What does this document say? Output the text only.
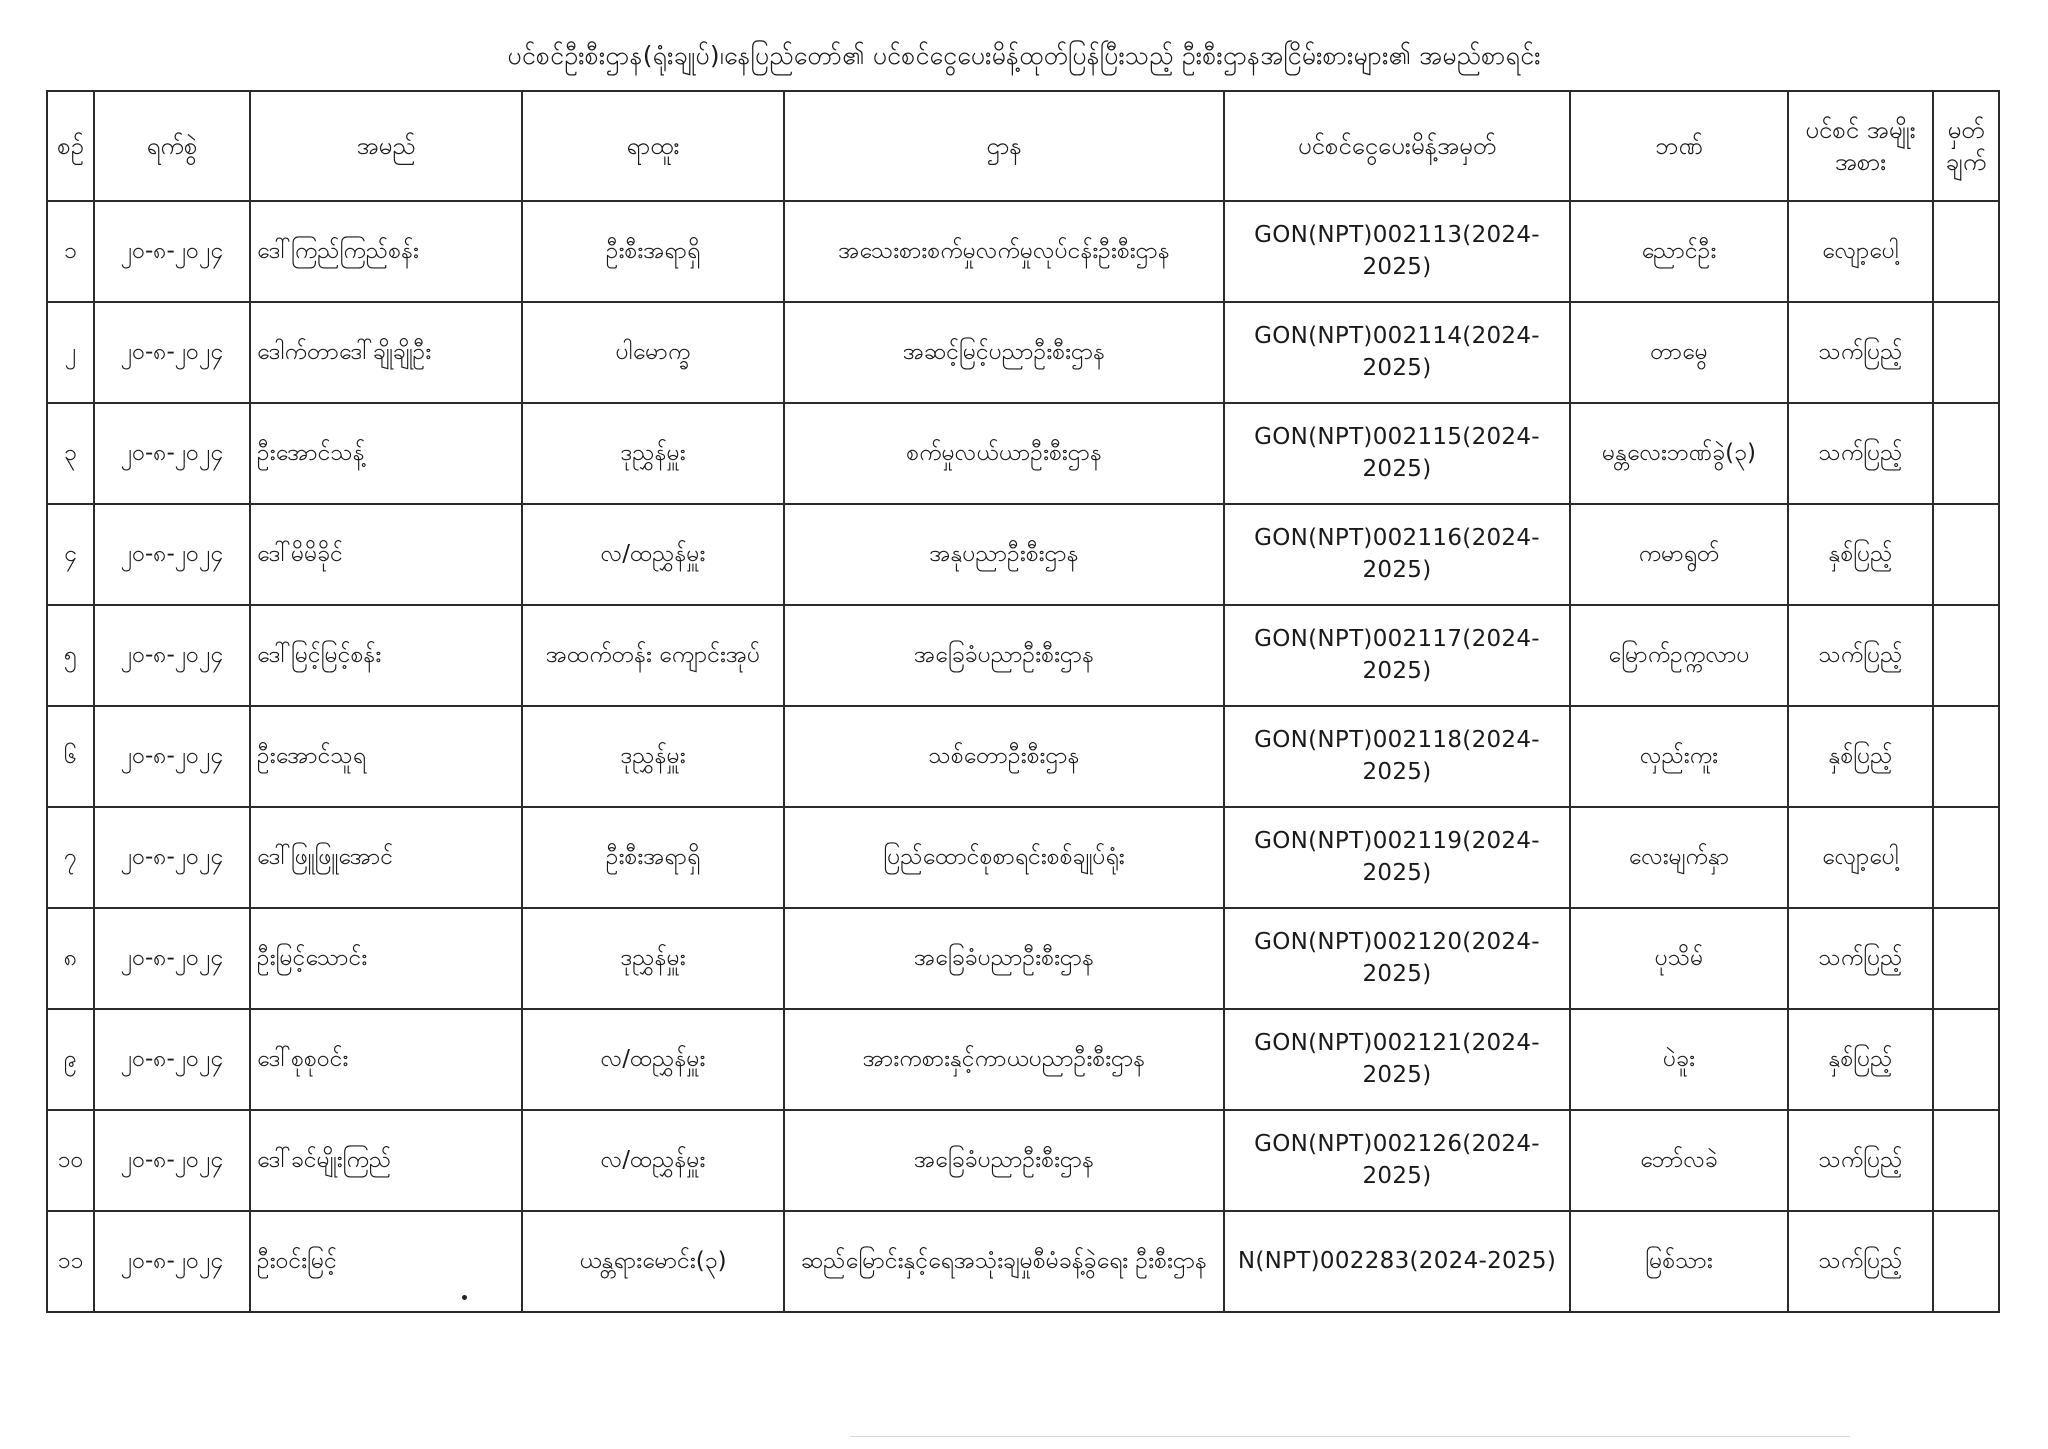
ပင်စင်ဦးစီးဌာန(ရုံးချုပ်)၊နေပြည်တော်၏ ပင်စင်ငွေပေးမိန့်ထုတ်ပြန်ပြီးသည့် ဦးစီးဌာနအငြိမ်းစားများ၏ အမည်စာရင်း
စဉ်	ရက်စွဲ	အမည်	ရာထူး	ဌာန	ပင်စင်ငွေပေးမိန့်အမှတ်	ဘဏ်	ပင်စင် အမျိုးအစား	မှတ် ချက်
၁	၂၀-၈-၂၀၂၄	ဒေါ်ကြည်ကြည်စန်း	ဦးစီးအရာရှိ	အသေးစားစက်မှုလက်မှုလုပ်ငန်းဦးစီးဌာန	GON(NPT)002113(2024-2025)	ညောင်ဦး	လျော့ပေါ့	
၂	၂၀-၈-၂၀၂၄	ဒေါက်တာဒေါ်ချိုချိုဦး	ပါမောက္ခ	အဆင့်မြင့်ပညာဦးစီးဌာန	GON(NPT)002114(2024-2025)	တာမွေ	သက်ပြည့်	
၃	၂၀-၈-၂၀၂၄	ဦးအောင်သန့်	ဒုညွှန်မှူး	စက်မှုလယ်ယာဦးစီးဌာန	GON(NPT)002115(2024-2025)	မန္တလေးဘဏ်ခွဲ(၃)	သက်ပြည့်	
၄	၂၀-၈-၂၀၂၄	ဒေါ်မိမိခိုင်	လ/ထညွှန်မှူး	အနုပညာဦးစီးဌာန	GON(NPT)002116(2024-2025)	ကမာရွတ်	နှစ်ပြည့်	
၅	၂၀-၈-၂၀၂၄	ဒေါ်မြင့်မြင့်စန်း	အထက်တန်း ကျောင်းအုပ်	အခြေခံပညာဦးစီးဌာန	GON(NPT)002117(2024-2025)	မြောက်ဥက္ကလာပ	သက်ပြည့်	
၆	၂၀-၈-၂၀၂၄	ဦးအောင်သူရ	ဒုညွှန်မှူး	သစ်တောဦးစီးဌာန	GON(NPT)002118(2024-2025)	လှည်းကူး	နှစ်ပြည့်	
၇	၂၀-၈-၂၀၂၄	ဒေါ်ဖြူဖြူအောင်	ဦးစီးအရာရှိ	ပြည်ထောင်စုစာရင်းစစ်ချုပ်ရုံး	GON(NPT)002119(2024-2025)	လေးမျက်နှာ	လျော့ပေါ့	
၈	၂၀-၈-၂၀၂၄	ဦးမြင့်သောင်း	ဒုညွှန်မှူး	အခြေခံပညာဦးစီးဌာန	GON(NPT)002120(2024-2025)	ပုသိမ်	သက်ပြည့်	
၉	၂၀-၈-၂၀၂၄	ဒေါ်စုစုဝင်း	လ/ထညွှန်မှူး	အားကစားနှင့်ကာယပညာဦးစီးဌာန	GON(NPT)002121(2024-2025)	ပဲခူး	နှစ်ပြည့်	
၁၀	၂၀-၈-၂၀၂၄	ဒေါ်ခင်မျိုးကြည်	လ/ထညွှန်မှူး	အခြေခံပညာဦးစီးဌာန	GON(NPT)002126(2024-2025)	ဘော်လခဲ	သက်ပြည့်	
၁၁	၂၀-၈-၂၀၂၄	ဦးဝင်းမြင့်	ယန္တရားမောင်း(၃)	ဆည်မြောင်းနှင့်ရေအသုံးချမှုစီမံခန့်ခွဲရေး ဦးစီးဌာန	N(NPT)002283(2024-2025)	မြစ်သား	သက်ပြည့်	
